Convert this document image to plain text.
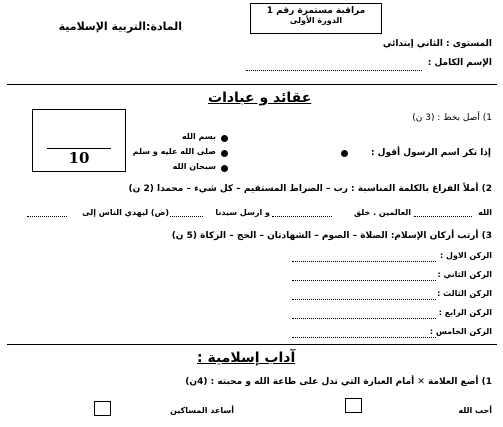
المادة:التربية الإسلامية
مراقبة مستمرة رقم 1
الدورة الأولى
المستوى : الثاني إبتدائي
الإسم الكامل :
عقائد و عبادات
10
1) أصل بخط : (3 ن)
إذا تكر اسم الرسول أقول :
بسم الله
صلى الله عليه و سلم
سبحان الله
2) أملأ الفراغ بالكلمة المناسبة : رب – الصراط المستقيم – كل شيء – محمدا (2 ن)
الله
العالمين . خلق
و ارسل سيدنا
(ص) ليهدي الناس إلى
3) أرتب أركان الإسلام: الصلاة – الصوم – الشهادتان – الحج – الزكاة (5 ن)
الركن الاول :
الركن الثاني :
الركن الثالث :
الركن الرابع :
الركن الخامس :
آداب إسلامية :
1) أضع العلامة ✕ أمام العبارة التي تدل على طاعة الله و محبته : (4ن)
أحب الله
أساعد المساكين
